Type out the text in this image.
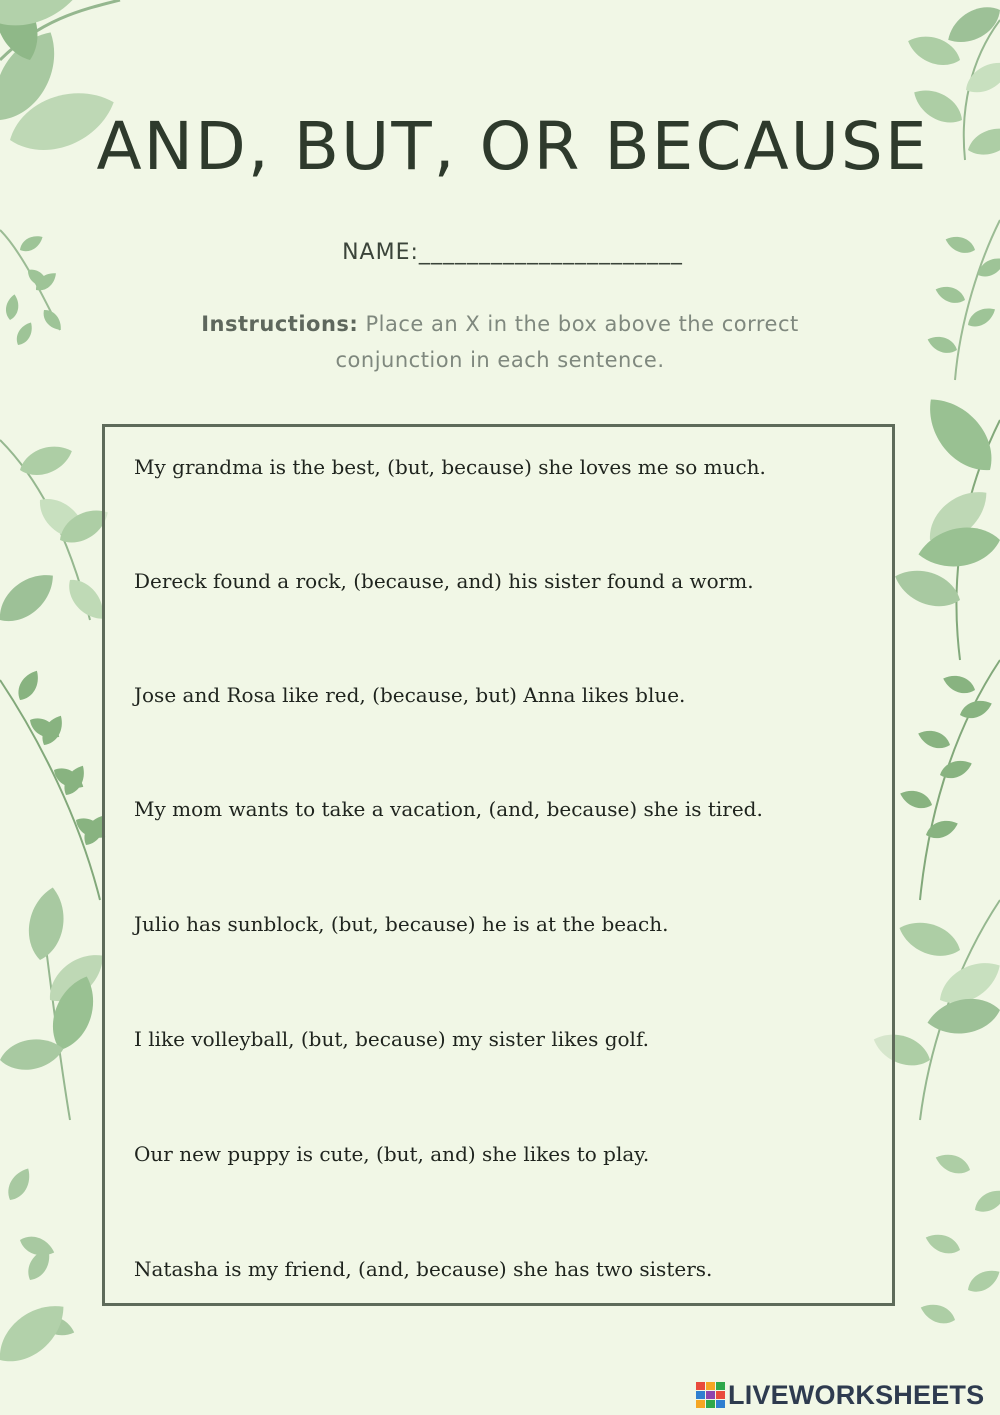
AND, BUT, OR BECAUSE
NAME:______________________
Instructions: Place an X in the box above the correct conjunction in each sentence.
My grandma is the best, (but, because) she loves me so much.
Dereck found a rock, (because, and) his sister found a worm.
Jose and Rosa like red, (because, but) Anna likes blue.
My mom wants to take a vacation, (and, because) she is tired.
Julio has sunblock, (but, because) he is at the beach.
I like volleyball, (but, because) my sister likes golf.
Our new puppy is cute, (but, and) she likes to play.
Natasha is my friend, (and, because) she has two sisters.
LIVEWORKSHEETS
